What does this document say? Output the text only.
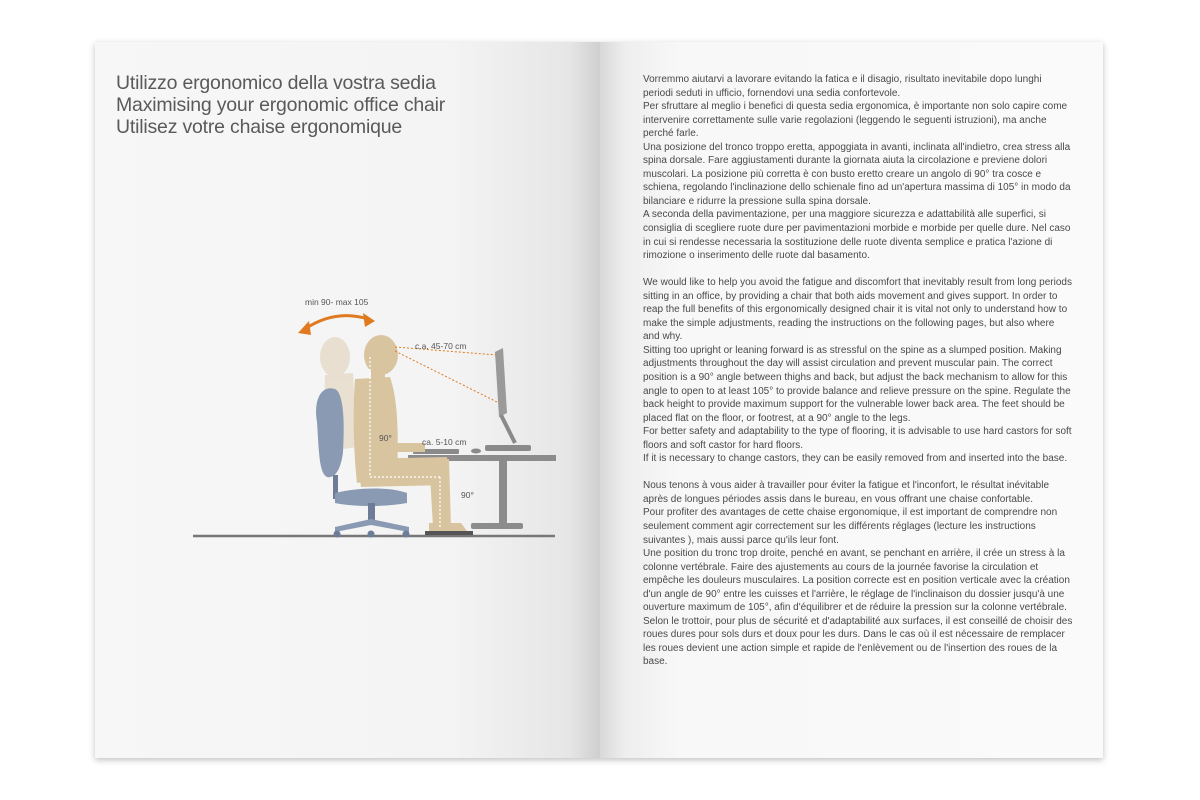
Utilizzo ergonomico della vostra sedia
Maximising your ergonomic office chair
Utilisez votre chaise ergonomique
min 90- max 105
c.a. 45-70 cm
ca. 5-10 cm
90°
90°

Vorremmo aiutarvi a lavorare evitando la fatica e il disagio, risultato inevitabile dopo lunghi periodi seduti in ufficio, fornendovi una sedia confortevole.

Per sfruttare al meglio i benefici di questa sedia ergonomica, è importante non solo capire come intervenire correttamente sulle varie regolazioni (leggendo le seguenti istruzioni), ma anche perché farle.

Una posizione del tronco troppo eretta, appoggiata in avanti, inclinata all'indietro, crea stress alla spina dorsale. Fare aggiustamenti durante la giornata aiuta la circolazione e previene dolori muscolari. La posizione più corretta è con busto eretto creare un angolo di 90° tra cosce e schiena, regolando l'inclinazione dello schienale fino ad un'apertura massima di 105° in modo da bilanciare e ridurre la pressione sulla spina dorsale.

A seconda della pavimentazione, per una maggiore sicurezza e adattabilità alle superfici, si consiglia di scegliere ruote dure per pavimentazioni morbide e morbide per quelle dure. Nel caso in cui si rendesse necessaria la sostituzione delle ruote diventa semplice e pratica l'azione di rimozione o inserimento delle ruote dal basamento.

We would like to help you avoid the fatigue and discomfort that inevitably result from long periods sitting in an office, by providing a chair that both aids movement and gives support. In order to reap the full benefits of this ergonomically designed chair it is vital not only to understand how to make the simple adjustments, reading the instructions on the following pages, but also where and why.

Sitting too upright or leaning forward is as stressful on the spine as a slumped position. Making adjustments throughout the day will assist circulation and prevent muscular pain. The correct position is a 90° angle between thighs and back, but adjust the back mechanism to allow for this angle to open to at least 105° to provide balance and relieve pressure on the spine. Regulate the back height to provide maximum support for the vulnerable lower back area. The feet should be placed flat on the floor, or footrest, at a 90° angle to the legs.

For better safety and adaptability to the type of flooring, it is advisable to use hard castors for soft floors and soft castor for hard floors.

If it is necessary to change castors, they can be easily removed from and inserted into the base.

Nous tenons à vous aider à travailler pour éviter la fatigue et l'inconfort, le résultat inévitable après de longues périodes assis dans le bureau, en vous offrant une chaise confortable.

Pour profiter des avantages de cette chaise ergonomique, il est important de comprendre non seulement comment agir correctement sur les différents réglages (lecture les instructions suivantes ), mais aussi parce qu'ils leur font.

Une position du tronc trop droite, penché en avant, se penchant en arrière, il crée un stress à la colonne vertébrale. Faire des ajustements au cours de la journée favorise la circulation et empêche les douleurs musculaires. La position correcte est en position verticale avec la création d'un angle de 90° entre les cuisses et l'arrière, le réglage de l'inclinaison du dossier jusqu'à une ouverture maximum de 105°, afin d'équilibrer et de réduire la pression sur la colonne vertébrale.

Selon le trottoir, pour plus de sécurité et d'adaptabilité aux surfaces, il est conseillé de choisir des roues dures pour sols durs et doux pour les durs. Dans le cas où il est nécessaire de remplacer les roues devient une action simple et rapide de l'enlèvement ou de l'insertion des roues de la base.
